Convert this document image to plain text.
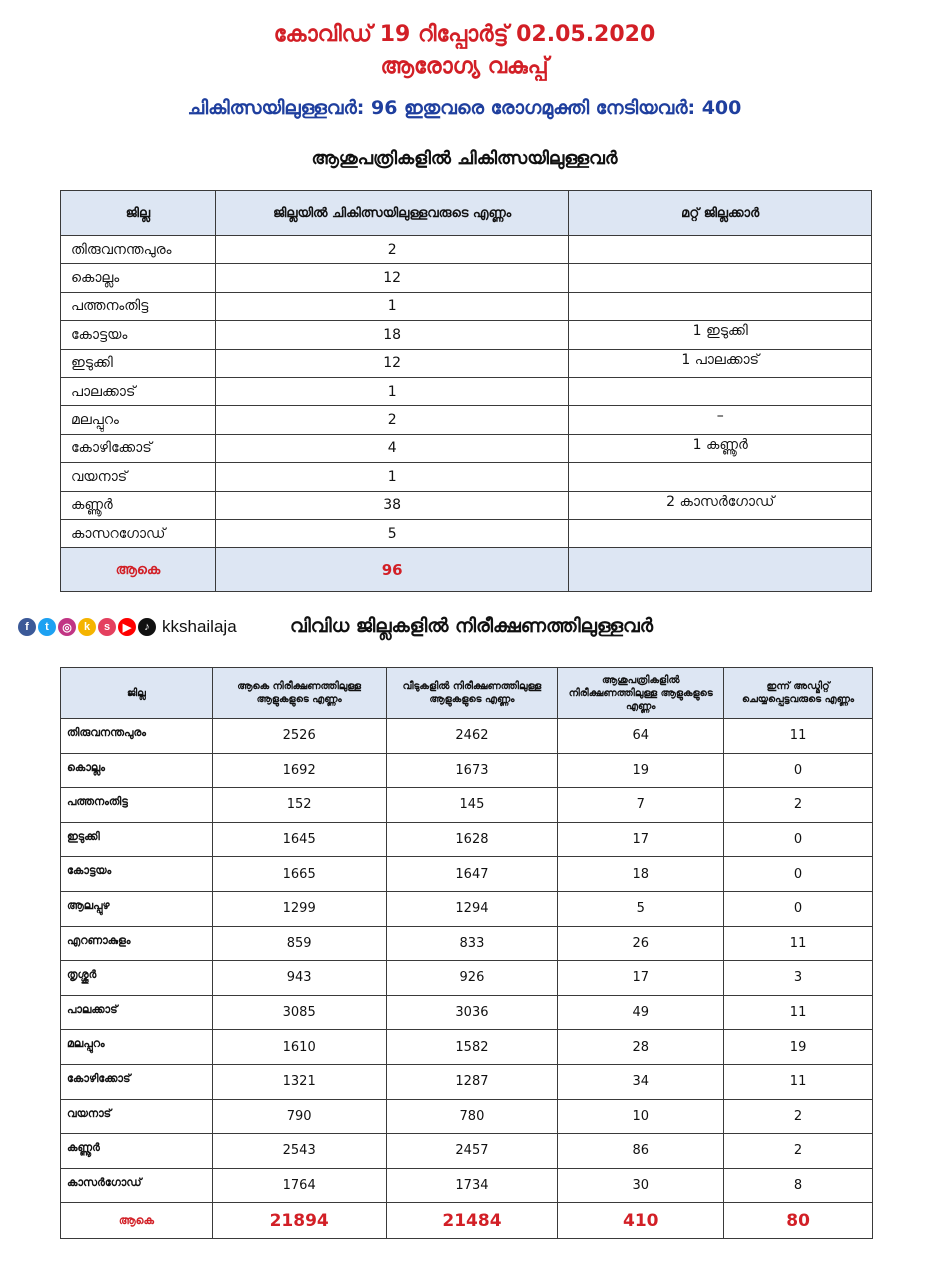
കോവിഡ് 19 റിപ്പോർട്ട് 02.05.2020
ആരോഗ്യ വകുപ്പ്
ചികിത്സയിലുള്ളവർ: 96 ഇതുവരെ രോഗമുക്തി നേടിയവർ: 400
ആശുപത്രികളിൽ ചികിത്സയിലുള്ളവർ
ജില്ല	ജില്ലയിൽ ചികിത്സയിലുള്ളവരുടെ എണ്ണം	മറ്റ് ജില്ലക്കാർ
തിരുവനന്തപുരം	2	
കൊല്ലം	12	
പത്തനംതിട്ട	1	
കോട്ടയം	18	1 ഇടുക്കി
ഇടുക്കി	12	1 പാലക്കാട്
പാലക്കാട്	1	
മലപ്പുറം	2	–
കോഴിക്കോട്	4	1 കണ്ണൂർ
വയനാട്	1	
കണ്ണൂർ	38	2 കാസർഗോഡ്
കാസറഗോഡ്	5	
ആകെ	96	
f	t	◎	k	s	▶	♪ kkshailaja	വിവിധ ജില്ലകളിൽ നിരീക്ഷണത്തിലുള്ളവർ
ജില്ല	ആകെ നിരീക്ഷണത്തിലുള്ള ആളുകളുടെ എണ്ണം	വീടുകളിൽ നിരീക്ഷണത്തിലുള്ള ആളുകളുടെ എണ്ണം	ആശുപത്രികളിൽ നിരീക്ഷണത്തിലുള്ള ആളുകളുടെ എണ്ണം	ഇന്ന് അഡ്മിറ്റ് ചെയ്യപ്പെട്ടവരുടെ എണ്ണം
തിരുവനന്തപുരം	2526	2462	64	11
കൊല്ലം	1692	1673	19	0
പത്തനംതിട്ട	152	145	7	2
ഇടുക്കി	1645	1628	17	0
കോട്ടയം	1665	1647	18	0
ആലപ്പുഴ	1299	1294	5	0
എറണാകുളം	859	833	26	11
തൃശ്ശൂർ	943	926	17	3
പാലക്കാട്	3085	3036	49	11
മലപ്പുറം	1610	1582	28	19
കോഴിക്കോട്	1321	1287	34	11
വയനാട്	790	780	10	2
കണ്ണൂർ	2543	2457	86	2
കാസർഗോഡ്	1764	1734	30	8
ആകെ	21894	21484	410	80
